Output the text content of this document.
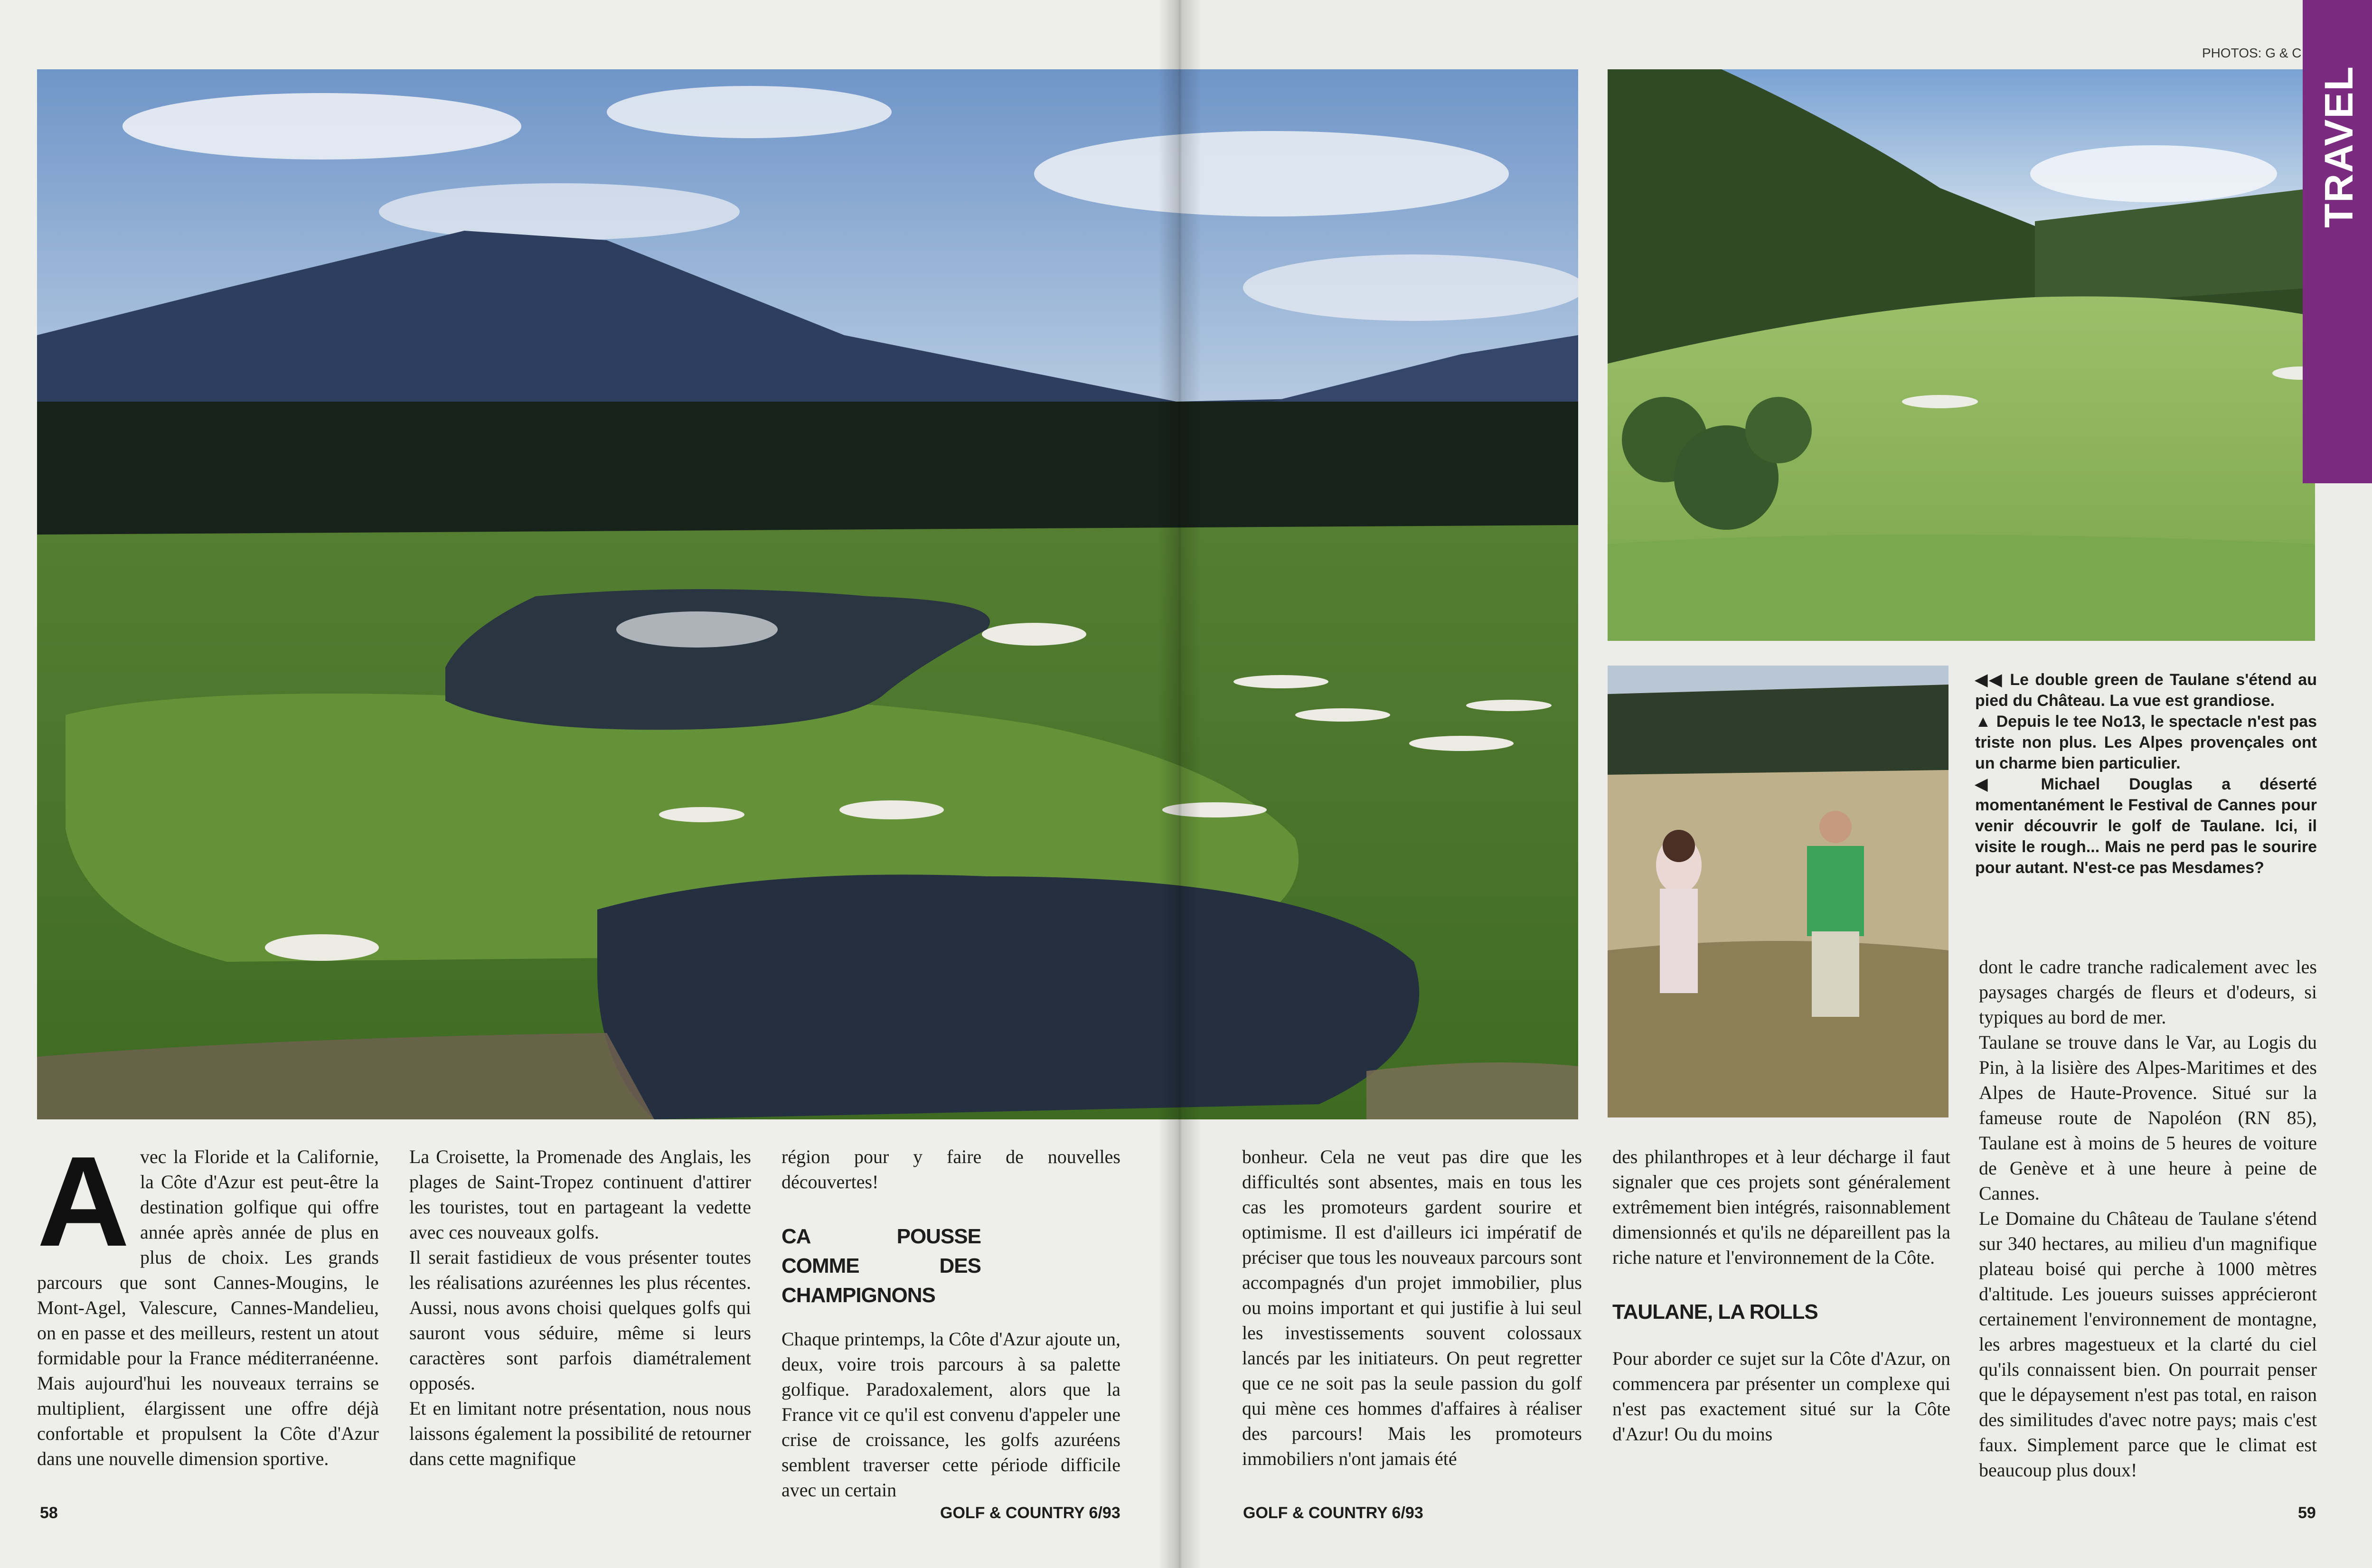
TRAVEL
PHOTOS: G & C

◀◀ Le double green de Taulane s'étend au pied du Château. La vue est grandiose.

▲ Depuis le tee No13, le spectacle n'est pas triste non plus. Les Alpes provençales ont un charme bien particulier.

◀ Michael Douglas a déserté momentanément le Festival de Cannes pour venir découvrir le golf de Taulane. Ici, il visite le rough... Mais ne perd pas le sourire pour autant. N'est-ce pas Mesdames?

Avec la Floride et la Californie, la Côte d'Azur est peut-être la destination golfique qui offre année après année de plus en plus de choix. Les grands parcours que sont Cannes-Mougins, le Mont-Agel, Valescure, Cannes-Mandelieu, on en passe et des meilleurs, restent un atout formidable pour la France méditerranéenne. Mais aujourd'hui les nouveaux terrains se multiplient, élargissent une offre déjà confortable et propulsent la Côte d'Azur dans une nouvelle dimension sportive.

La Croisette, la Promenade des Anglais, les plages de Saint-Tropez continuent d'attirer les touristes, tout en partageant la vedette avec ces nouveaux golfs.

Il serait fastidieux de vous présenter toutes les réalisations azuréennes les plus récentes. Aussi, nous avons choisi quelques golfs qui sauront vous séduire, même si leurs caractères sont parfois diamétralement opposés.

Et en limitant notre présentation, nous nous laissons également la possibilité de retourner dans cette magnifique

région pour y faire de nouvelles découvertes!

CA POUSSE COMME DES CHAMPIGNONS

Chaque printemps, la Côte d'Azur ajoute un, deux, voire trois parcours à sa palette golfique. Paradoxalement, alors que la France vit ce qu'il est convenu d'appeler une crise de croissance, les golfs azuréens semblent traverser cette période difficile avec un certain

bonheur. Cela ne veut pas dire que les difficultés sont absentes, mais en tous les cas les promoteurs gardent sourire et optimisme. Il est d'ailleurs ici impératif de préciser que tous les nouveaux parcours sont accompagnés d'un projet immobilier, plus ou moins important et qui justifie à lui seul les investissements souvent colossaux lancés par les initiateurs. On peut regretter que ce ne soit pas la seule passion du golf qui mène ces hommes d'affaires à réaliser des parcours! Mais les promoteurs immobiliers n'ont jamais été

des philanthropes et à leur décharge il faut signaler que ces projets sont généralement extrêmement bien intégrés, raisonnablement dimensionnés et qu'ils ne dépareillent pas la riche nature et l'environnement de la Côte.

TAULANE, LA ROLLS

Pour aborder ce sujet sur la Côte d'Azur, on commencera par présenter un complexe qui n'est pas exactement situé sur la Côte d'Azur! Ou du moins

dont le cadre tranche radicalement avec les paysages chargés de fleurs et d'odeurs, si typiques au bord de mer.

Taulane se trouve dans le Var, au Logis du Pin, à la lisière des Alpes-Maritimes et des Alpes de Haute-Provence. Situé sur la fameuse route de Napoléon (RN 85), Taulane est à moins de 5 heures de voiture de Genève et à une heure à peine de Cannes.

Le Domaine du Château de Taulane s'étend sur 340 hectares, au milieu d'un magnifique plateau boisé qui perche à 1000 mètres d'altitude. Les joueurs suisses apprécieront certainement l'environnement de montagne, les arbres magestueux et la clarté du ciel qu'ils connaissent bien. On pourrait penser que le dépaysement n'est pas total, en raison des similitudes d'avec notre pays; mais c'est faux. Simplement parce que le climat est beaucoup plus doux!

58	GOLF & COUNTRY 6/93	GOLF & COUNTRY 6/93	59
